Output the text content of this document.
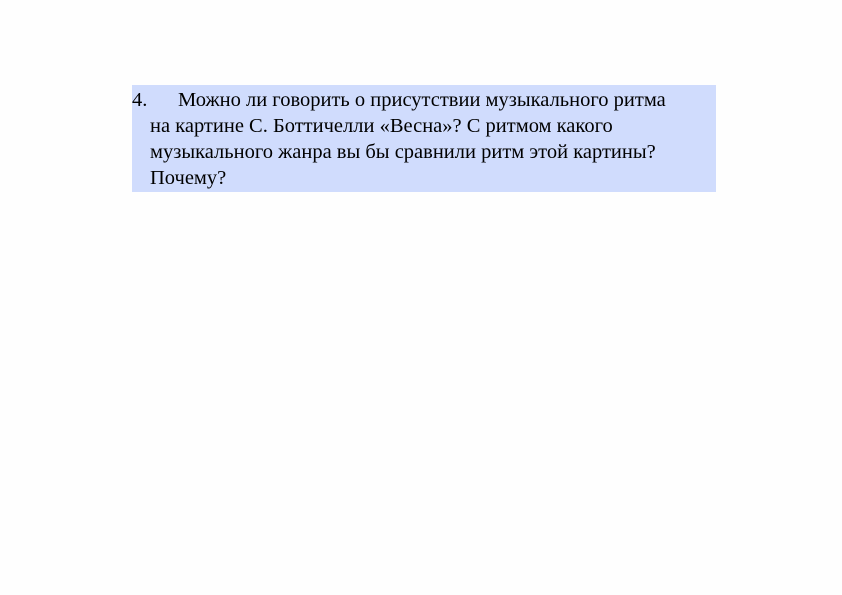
4. Можно ли говорить о присутствии музыкального ритма
на картине С. Боттичелли «Весна»? С ритмом какого
музыкального жанра вы бы сравнили ритм этой картины?
Почему?
